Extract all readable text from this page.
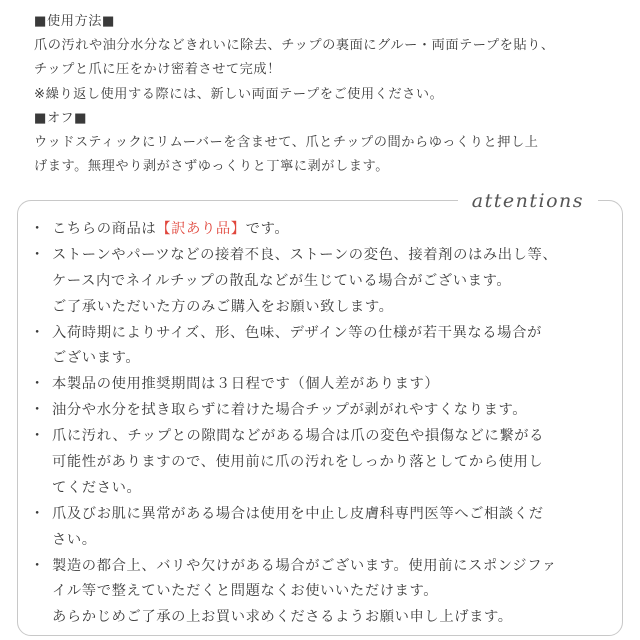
■使用方法■
爪の汚れや油分水分などきれいに除去、チップの裏面にグルー・両面テープを貼り、
チップと爪に圧をかけ密着させて完成！
※繰り返し使用する際には、新しい両面テープをご使用ください。
■オフ■
ウッドスティックにリムーバーを含ませて、爪とチップの間からゆっくりと押し上
げます。無理やり剥がさずゆっくりと丁寧に剥がします。
attentions
・ こちらの商品は【訳あり品】です。
・ ストーンやパーツなどの接着不良、ストーンの変色、接着剤のはみ出し等、
ケース内でネイルチップの散乱などが生じている場合がございます。
ご了承いただいた方のみご購入をお願い致します。
・ 入荷時期によりサイズ、形、色味、デザイン等の仕様が若干異なる場合が
ございます。
・ 本製品の使用推奨期間は３日程です（個人差があります）
・ 油分や水分を拭き取らずに着けた場合チップが剥がれやすくなります。
・ 爪に汚れ、チップとの隙間などがある場合は爪の変色や損傷などに繋がる
可能性がありますので、使用前に爪の汚れをしっかり落としてから使用し
てください。
・ 爪及びお肌に異常がある場合は使用を中止し皮膚科専門医等へご相談くだ
さい。
・ 製造の都合上、バリや欠けがある場合がございます。使用前にスポンジファ
イル等で整えていただくと問題なくお使いいただけます。
あらかじめご了承の上お買い求めくださるようお願い申し上げます。
